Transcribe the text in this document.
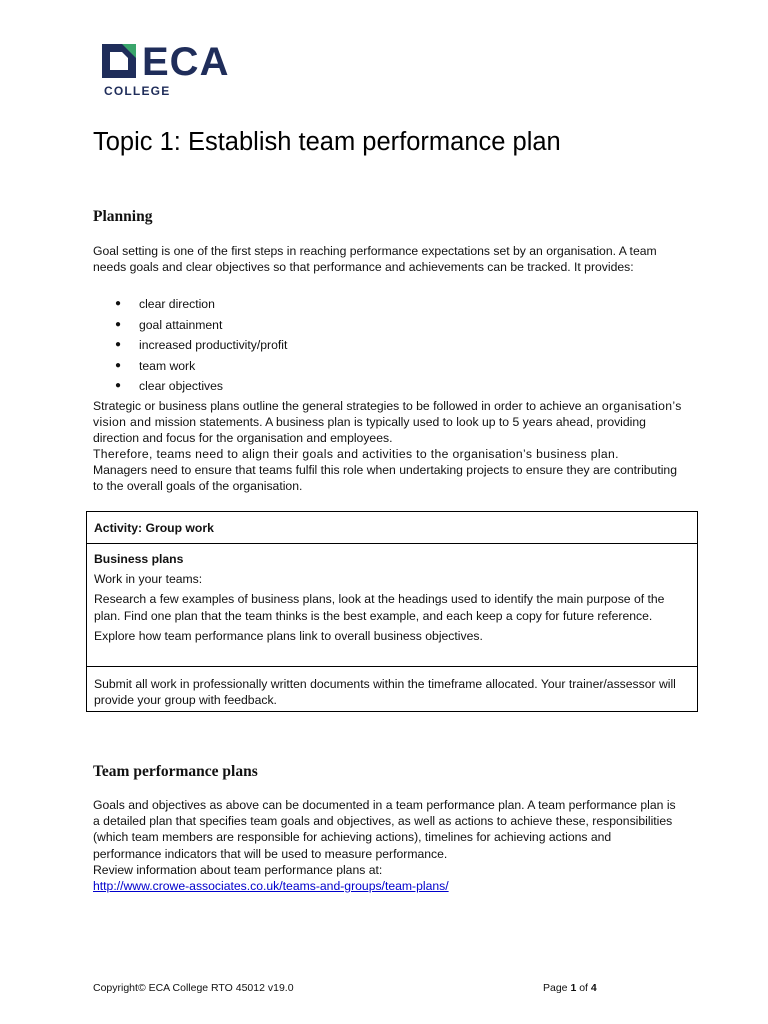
ECA
COLLEGE
Topic 1: Establish team performance plan
Planning

Goal setting is one of the first steps in reaching performance expectations set by an organisation. A team needs goals and clear objectives so that performance and achievements can be tracked. It provides:

● clear direction
● goal attainment
● increased productivity/profit
● team work
● clear objectives

Strategic or business plans outline the general strategies to be followed in order to achieve an organisation’s vision and mission statements. A business plan is typically used to look up to 5 years ahead, providing direction and focus for the organisation and employees.

Therefore, teams need to align their goals and activities to the organisation’s business plan.
Managers need to ensure that teams fulfil this role when undertaking projects to ensure they are contributing to the overall goals of the organisation.

Activity: Group work

Business plans

Work in your teams:

Research a few examples of business plans, look at the headings used to identify the main purpose of the plan. Find one plan that the team thinks is the best example, and each keep a copy for future reference.

Explore how team performance plans link to overall business objectives.

Submit all work in professionally written documents within the timeframe allocated. Your trainer/assessor will provide your group with feedback.
Team performance plans

Goals and objectives as above can be documented in a team performance plan. A team performance plan is a detailed plan that specifies team goals and objectives, as well as actions to achieve these, responsibilities (which team members are responsible for achieving actions), timelines for achieving actions and performance indicators that will be used to measure performance.
Review information about team performance plans at:
http://www.crowe-associates.co.uk/teams-and-groups/team-plans/

Copyright© ECA College RTO 45012 v19.0	Page 1 of 4
